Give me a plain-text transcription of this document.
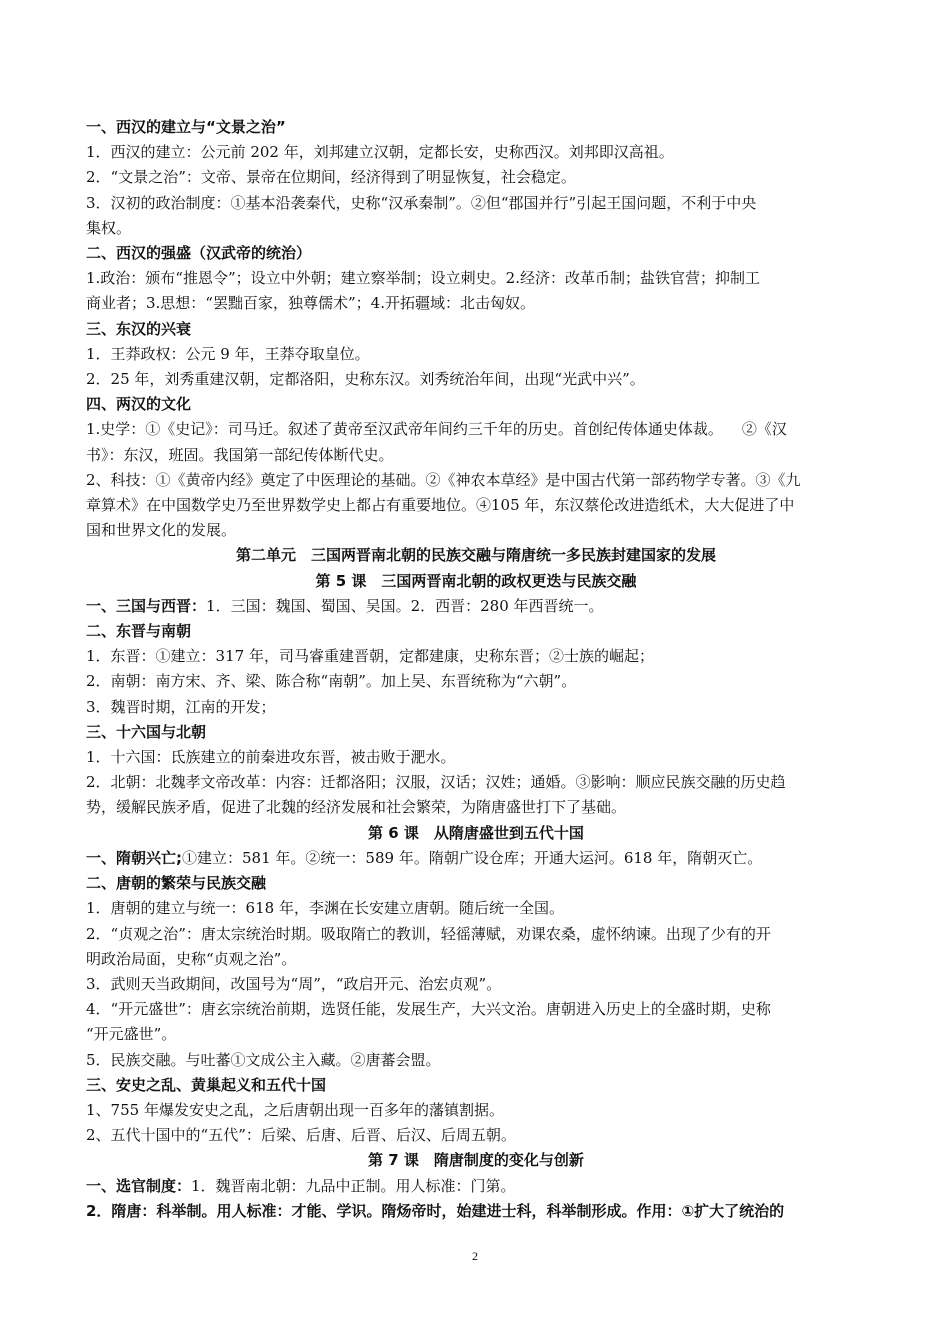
一、西汉的建立与“文景之治”
1．西汉的建立：公元前 202 年，刘邦建立汉朝，定都长安，史称西汉。刘邦即汉高祖。
2．“文景之治”：文帝、景帝在位期间，经济得到了明显恢复，社会稳定。
3．汉初的政治制度：①基本沿袭秦代，史称“汉承秦制”。②但“郡国并行”引起王国问题，不利于中央
集权。
二、西汉的强盛（汉武帝的统治）
1.政治：颁布“推恩令”；设立中外朝；建立察举制；设立刺史。2.经济：改革币制；盐铁官营；抑制工
商业者；3.思想：“罢黜百家，独尊儒术”；4.开拓疆域：北击匈奴。
三、东汉的兴衰
1．王莽政权：公元 9 年，王莽夺取皇位。
2．25 年，刘秀重建汉朝，定都洛阳，史称东汉。刘秀统治年间，出现“光武中兴”。
四、两汉的文化
1.史学：①《史记》：司马迁。叙述了黄帝至汉武帝年间约三千年的历史。首创纪传体通史体裁。    ②《汉
书》：东汉，班固。我国第一部纪传体断代史。
2、科技：①《黄帝内经》奠定了中医理论的基础。②《神农本草经》是中国古代第一部药物学专著。③《九
章算术》在中国数学史乃至世界数学史上都占有重要地位。④105 年，东汉蔡伦改进造纸术，大大促进了中
国和世界文化的发展。
第二单元　三国两晋南北朝的民族交融与隋唐统一多民族封建国家的发展
第 5 课　三国两晋南北朝的政权更迭与民族交融
一、三国与西晋：1．三国：魏国、蜀国、吴国。2．西晋：280 年西晋统一。
二、东晋与南朝
1．东晋：①建立：317 年，司马睿重建晋朝，定都建康，史称东晋；②士族的崛起；
2．南朝：南方宋、齐、梁、陈合称“南朝”。加上吴、东晋统称为“六朝”。
3．魏晋时期，江南的开发；
三、十六国与北朝
1．十六国：氐族建立的前秦进攻东晋，被击败于淝水。
2．北朝：北魏孝文帝改革：内容：迁都洛阳；汉服，汉话；汉姓；通婚。③影响：顺应民族交融的历史趋
势，缓解民族矛盾，促进了北魏的经济发展和社会繁荣，为隋唐盛世打下了基础。
第 6 课　从隋唐盛世到五代十国
一、隋朝兴亡;①建立：581 年。②统一：589 年。隋朝广设仓库；开通大运河。618 年，隋朝灭亡。
二、唐朝的繁荣与民族交融
1．唐朝的建立与统一：618 年，李渊在长安建立唐朝。随后统一全国。
2．“贞观之治”：唐太宗统治时期。吸取隋亡的教训，轻徭薄赋，劝课农桑，虚怀纳谏。出现了少有的开
明政治局面，史称“贞观之治”。
3．武则天当政期间，改国号为“周”，“政启开元、治宏贞观”。
4．“开元盛世”：唐玄宗统治前期，选贤任能，发展生产，大兴文治。唐朝进入历史上的全盛时期，史称
“开元盛世”。
5．民族交融。与吐蕃①文成公主入藏。②唐蕃会盟。
三、安史之乱、黄巢起义和五代十国
1、755 年爆发安史之乱，之后唐朝出现一百多年的藩镇割据。
2、五代十国中的“五代”：后梁、后唐、后晋、后汉、后周五朝。
第 7 课　隋唐制度的变化与创新
一、选官制度：1．魏晋南北朝：九品中正制。用人标准：门第。
2．隋唐：科举制。用人标准：才能、学识。隋炀帝时，始建进士科，科举制形成。作用：①扩大了统治的
2
